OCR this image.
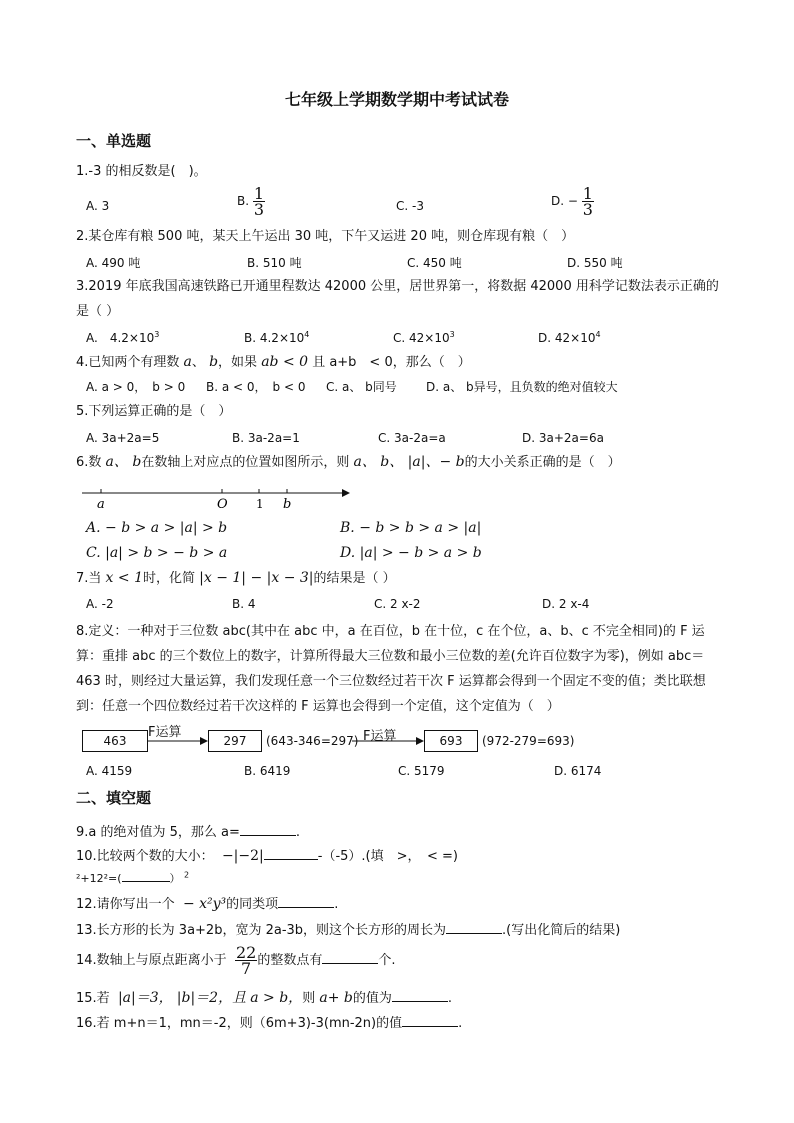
七年级上学期数学期中考试试卷
一、单选题
1.-3 的相反数是(　)。
A. 3	B. $\frac{1}{3}$	C. -3	D. − $\frac{1}{3}$
2.某仓库有粮 500 吨，某天上午运出 30 吨，下午又运进 20 吨，则仓库现有粮（　）
A. 490 吨	B. 510 吨	C. 450 吨	D. 550 吨
3.2019 年底我国高速铁路已开通里程数达 42000 公里，居世界第一，将数据 42000 用科学记数法表示正确的是（ ）
A.　$4.2\times 10^3$	B. $4.2\times 10^4$	C. $42\times 10^3$	D. $42\times 10^4$
4.已知两个有理数 a、 b，如果 ab < 0 且 a+b　< 0，那么（　）
A. a > 0，　b > 0 B. a < 0，　b < 0 C. a、 b同号 D. a、 b异号，且负数的绝对值较大
5.下列运算正确的是（　）
A. 3a+2a=5	B. 3a-2a=1	C. 3a-2a=a	D. 3a+2a=6a
6.数 a、 b在数轴上对应点的位置如图所示，则 a、 b、 |a|、− b的大小关系正确的是（　）
a	O 1 b
A. − b > a > |a| > b	B. − b > b > a > |a|
C. |a| > b > − b > a	D. |a| > − b > a > b
7.当 x < 1时，化简 |x − 1| − |x − 3|的结果是（ ）
A. -2	B. 4	C. 2 x-2	D. 2 x-4
8.定义：一种对于三位数 abc(其中在 abc 中，a 在百位，b 在十位，c 在个位，a、b、c 不完全相同)的 F 运算：重排 abc 的三个数位上的数字，计算所得最大三位数和最小三位数的差(允许百位数字为零)，例如 abc＝463 时，则经过大量运算，我们发现任意一个三位数经过若干次 F 运算都会得到一个固定不变的值；类比联想到：任意一个四位数经过若干次这样的 F 运算也会得到一个定值，这个定值为（　）
463
F运算
297	(643-346=297) F运算	693	(972-279=693)
A. 4159	B. 6419	C. 5179	D. 6174
二、填空题
9.a 的绝对值为 5，那么 a=	.
10.比较两个数的大小： −|−2|	-（-5）.(填　>，　< =)
²+12²=(	） $^2$
12.请你写出一个 − x²y³的同类项	.
13.长方形的长为 3a+2b，宽为 2a-3b，则这个长方形的周长为	.(写出化简后的结果)
14.数轴上与原点距离小于 $\frac{22}{7}$ 的整数点有	个.
15.若 |a|＝3， |b|＝2，且 a > b，则 a+ b的值为	.
16.若 m+n＝1，mn＝-2，则（6m+3)-3(mn-2n)的值	.
